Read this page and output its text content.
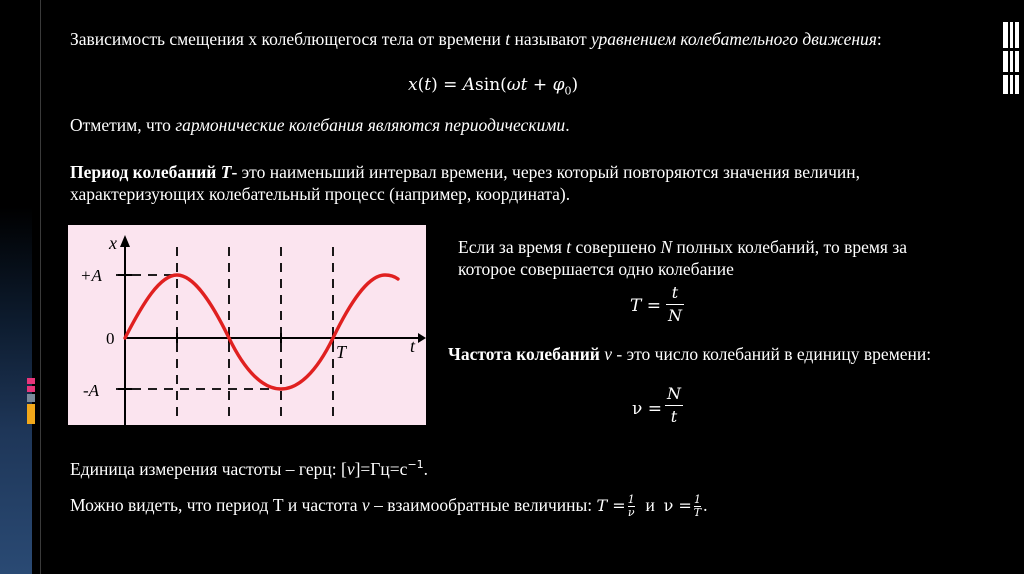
Зависимость смещения х колеблющегося тела от времени t называют уравнением колебательного движения:
$x(t) = Asin(\omega t + \varphi_0)$
Отметим, что гармонические колебания являются периодическими.
Период колебаний Т- это наименьший интервал времени, через который повторяются значения величин,
характеризующих колебательный процесс (например, координата).
x
t
+A
-A
0
T
Если за время t совершено N полных колебаний, то время за
которое совершается одно колебание
T =
t
N
Частота колебаний ν - это число колебаний в единицу времени:
ν =
N
t
Единица измерения частоты – герц: $[\nu]=Гц=с^{-1}$.
Можно видеть, что период Т и частота ν – взаимообратные величины: $T = \frac{1}{\nu}$ и $\nu = \frac{1}{T}$ .
